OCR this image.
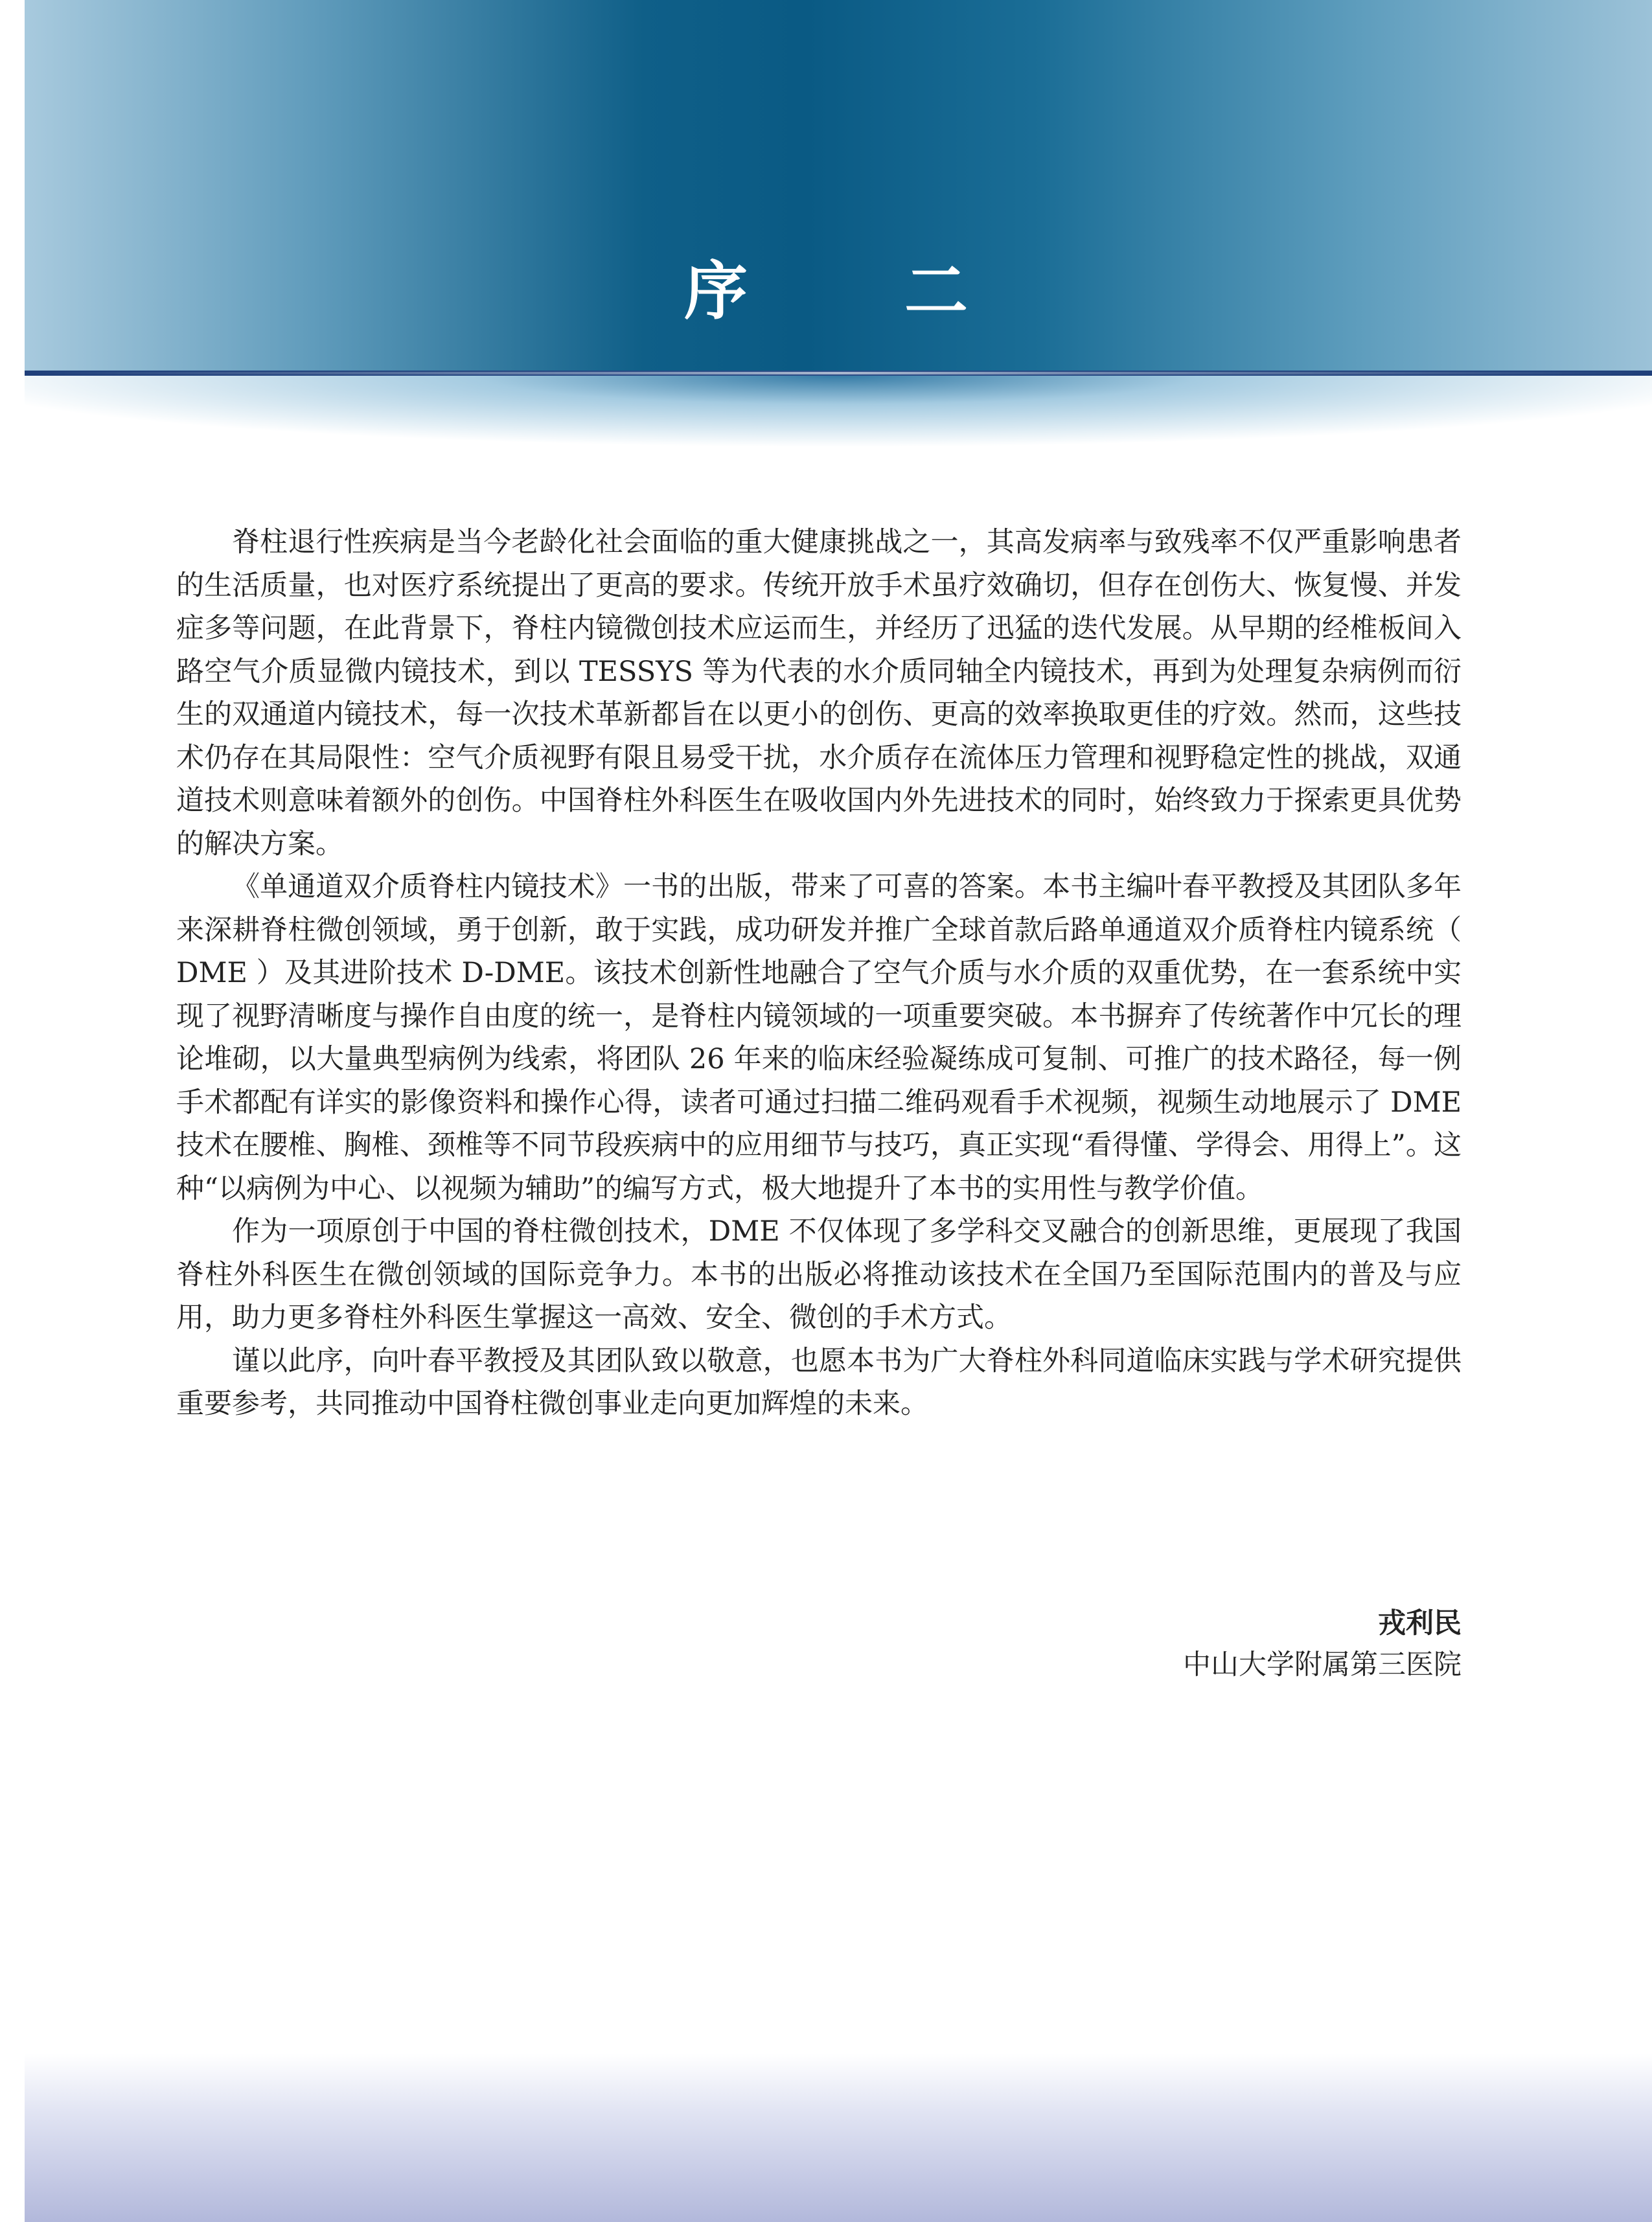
序 二

脊柱退行性疾病是当今老龄化社会面临的重大健康挑战之一，其高发病率与致残率不仅严重影响患者的生活质量，也对医疗系统提出了更高的要求。传统开放手术虽疗效确切，但存在创伤大、恢复慢、并发症多等问题，在此背景下，脊柱内镜微创技术应运而生，并经历了迅猛的迭代发展。从早期的经椎板间入路空气介质显微内镜技术，到以 TESSYS 等为代表的水介质同轴全内镜技术，再到为处理复杂病例而衍生的双通道内镜技术，每一次技术革新都旨在以更小的创伤、更高的效率换取更佳的疗效。然而，这些技术仍存在其局限性：空气介质视野有限且易受干扰，水介质存在流体压力管理和视野稳定性的挑战，双通道技术则意味着额外的创伤。中国脊柱外科医生在吸收国内外先进技术的同时，始终致力于探索更具优势的解决方案。

《单通道双介质脊柱内镜技术》一书的出版，带来了可喜的答案。本书主编叶春平教授及其团队多年来深耕脊柱微创领域，勇于创新，敢于实践，成功研发并推广全球首款后路单通道双介质脊柱内镜系统（ DME ）及其进阶技术 D-DME。该技术创新性地融合了空气介质与水介质的双重优势，在一套系统中实现了视野清晰度与操作自由度的统一，是脊柱内镜领域的一项重要突破。本书摒弃了传统著作中冗长的理论堆砌，以大量典型病例为线索，将团队 26 年来的临床经验凝练成可复制、可推广的技术路径，每一例手术都配有详实的影像资料和操作心得，读者可通过扫描二维码观看手术视频，视频生动地展示了 DME 技术在腰椎、胸椎、颈椎等不同节段疾病中的应用细节与技巧，真正实现“看得懂、学得会、用得上”。这种“以病例为中心、以视频为辅助”的编写方式，极大地提升了本书的实用性与教学价值。

作为一项原创于中国的脊柱微创技术，DME 不仅体现了多学科交叉融合的创新思维，更展现了我国脊柱外科医生在微创领域的国际竞争力。本书的出版必将推动该技术在全国乃至国际范围内的普及与应用，助力更多脊柱外科医生掌握这一高效、安全、微创的手术方式。

谨以此序，向叶春平教授及其团队致以敬意，也愿本书为广大脊柱外科同道临床实践与学术研究提供重要参考，共同推动中国脊柱微创事业走向更加辉煌的未来。

戎利民
中山大学附属第三医院
